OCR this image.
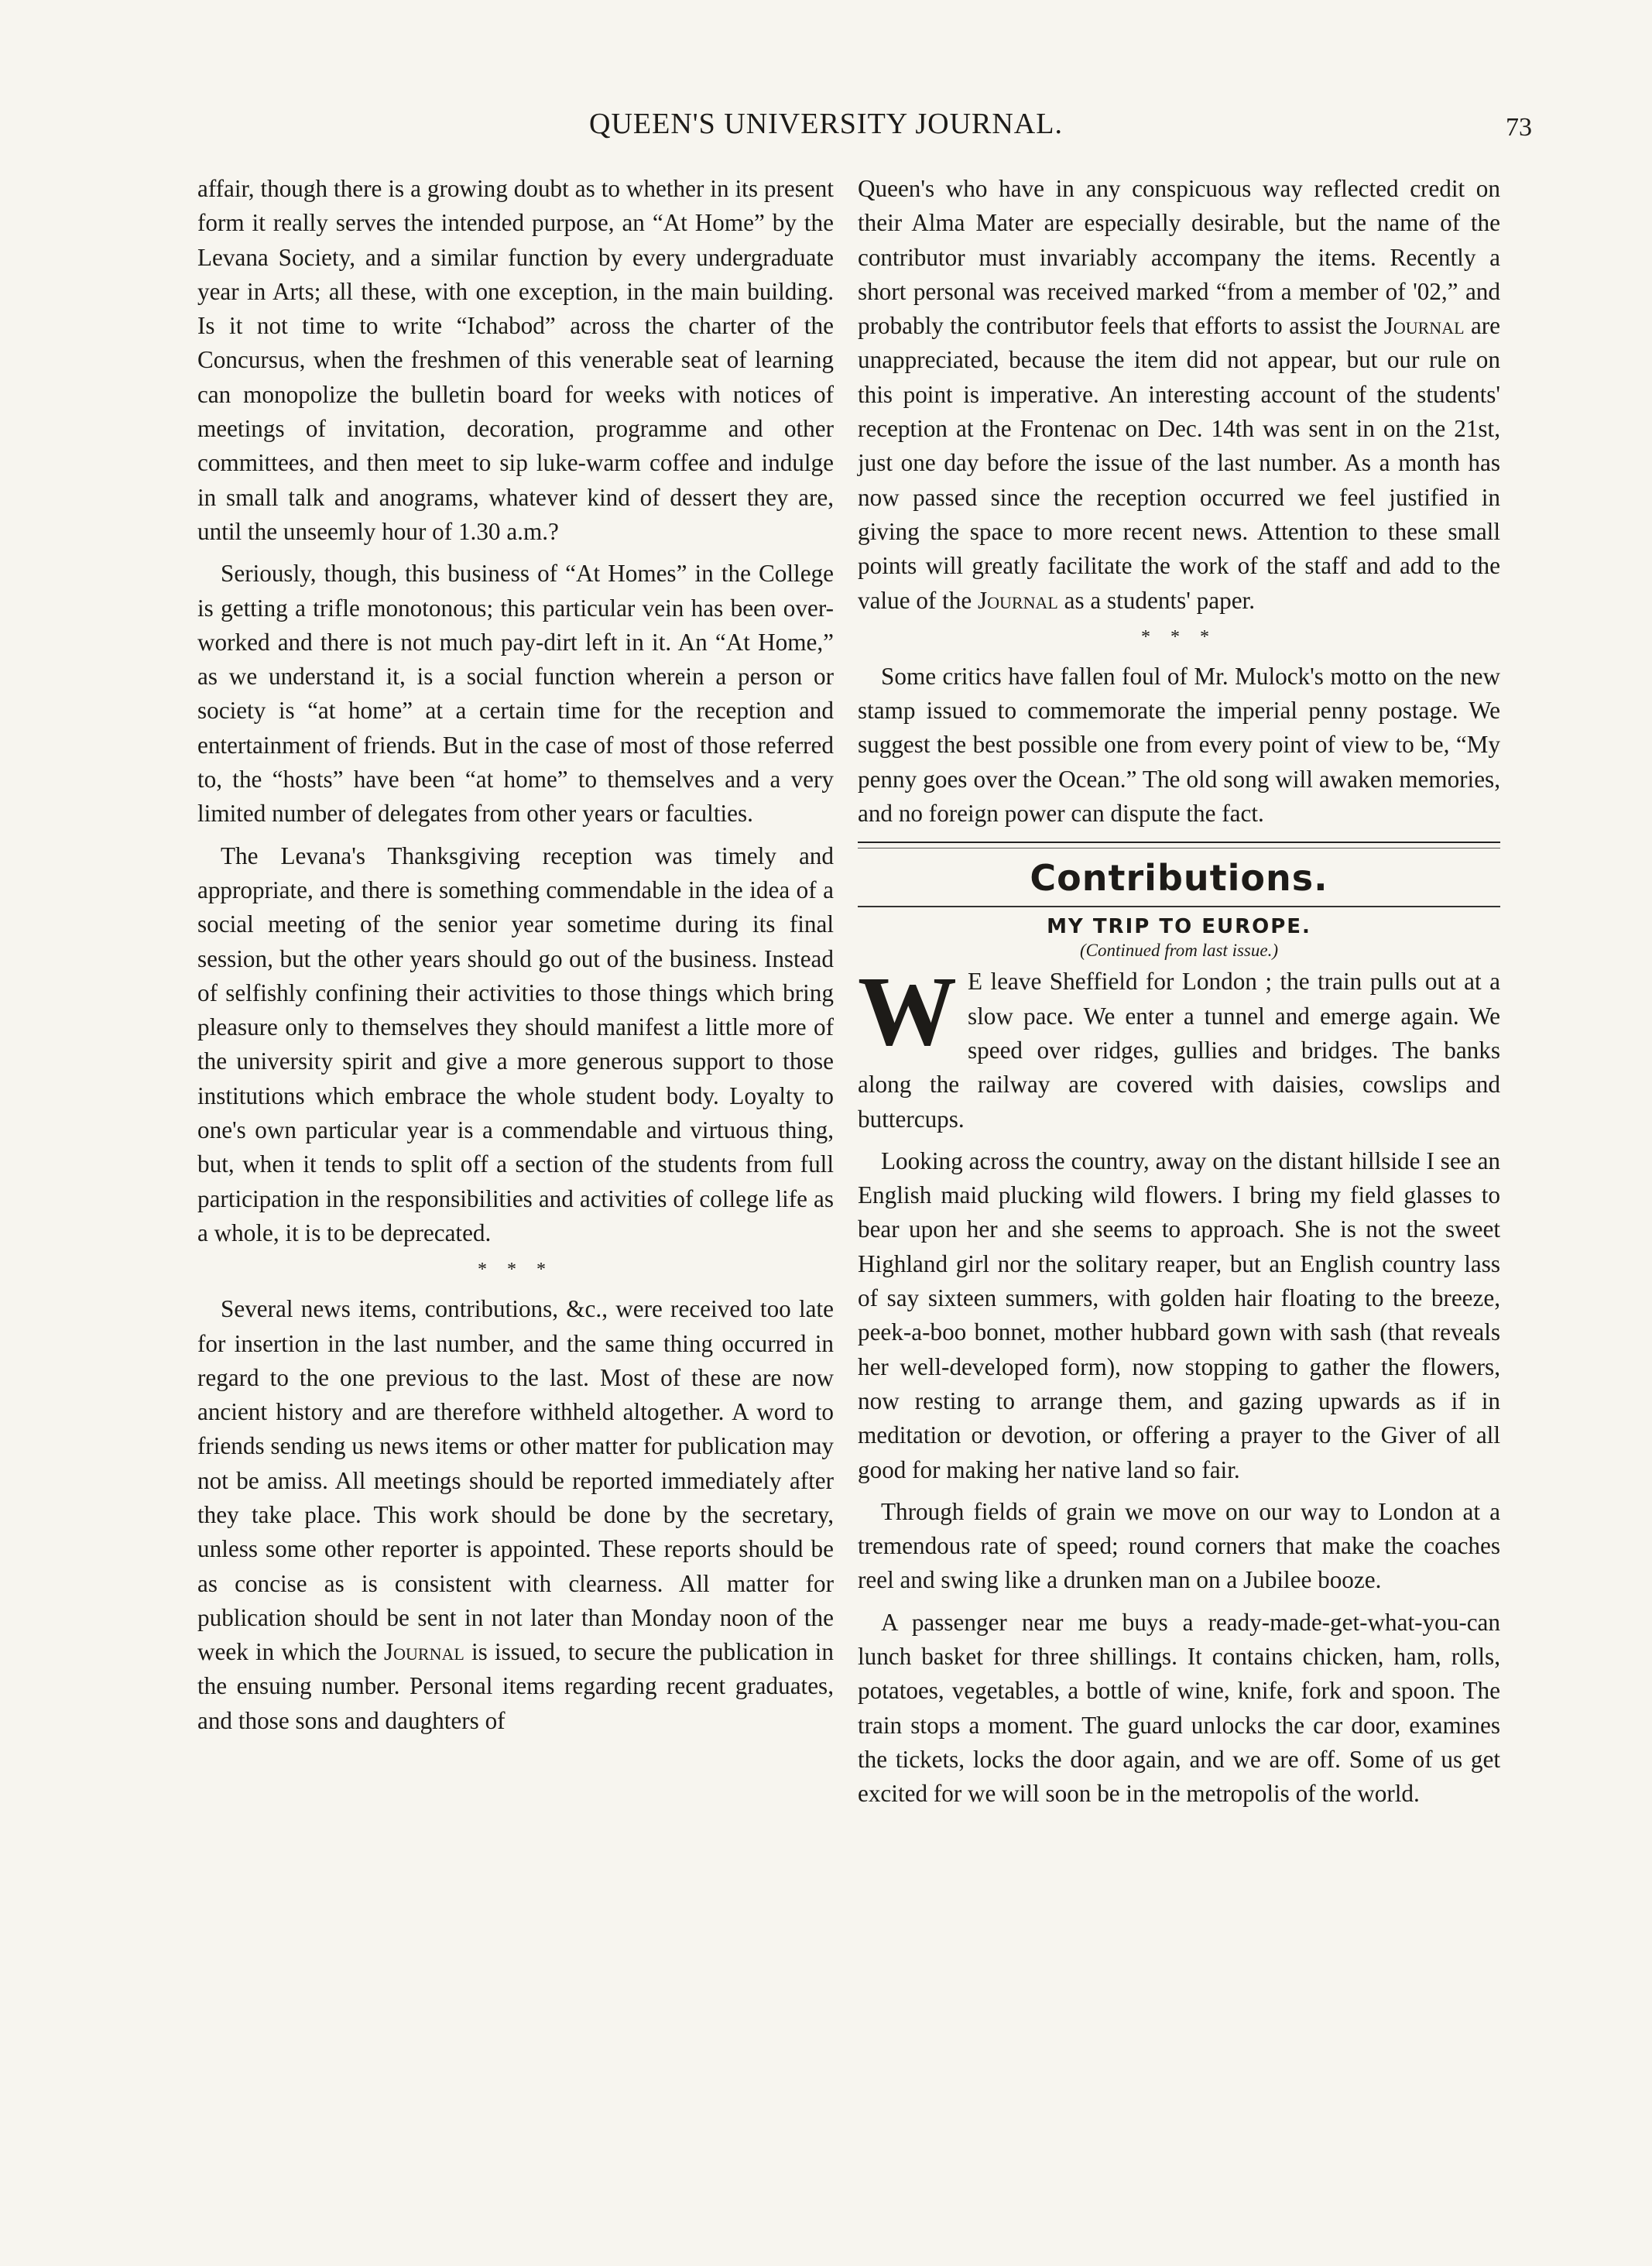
QUEEN'S UNIVERSITY JOURNAL.	73

affair, though there is a growing doubt as to whether in its present form it really serves the intended purpose, an “At Home” by the Levana Society, and a similar function by every undergraduate year in Arts; all these, with one exception, in the main building. Is it not time to write “Ichabod” across the charter of the Concursus, when the freshmen of this venerable seat of learning can monopolize the bulletin board for weeks with notices of meetings of invitation, decoration, programme and other committees, and then meet to sip luke-warm coffee and indulge in small talk and anograms, whatever kind of dessert they are, until the unseemly hour of 1.30 a.m.?

Seriously, though, this business of “At Homes” in the College is getting a trifle monotonous; this particular vein has been over-worked and there is not much pay-dirt left in it. An “At Home,” as we understand it, is a social function wherein a person or society is “at home” at a certain time for the reception and entertainment of friends. But in the case of most of those referred to, the “hosts” have been “at home” to themselves and a very limited number of delegates from other years or faculties.

The Levana's Thanksgiving reception was timely and appropriate, and there is something commendable in the idea of a social meeting of the senior year sometime during its final session, but the other years should go out of the business. Instead of selfishly confining their activities to those things which bring pleasure only to themselves they should manifest a little more of the university spirit and give a more generous support to those institutions which embrace the whole student body. Loyalty to one's own particular year is a commendable and virtuous thing, but, when it tends to split off a section of the students from full participation in the responsibilities and activities of college life as a whole, it is to be deprecated.

* * *

Several news items, contributions, &c., were received too late for insertion in the last number, and the same thing occurred in regard to the one previous to the last. Most of these are now ancient history and are therefore withheld altogether. A word to friends sending us news items or other matter for publication may not be amiss. All meetings should be reported immediately after they take place. This work should be done by the secretary, unless some other reporter is appointed. These reports should be as concise as is consistent with clearness. All matter for publication should be sent in not later than Monday noon of the week in which the Journal is issued, to secure the publication in the ensuing number. Personal items regarding recent graduates, and those sons and daughters of

Queen's who have in any conspicuous way reflected credit on their Alma Mater are especially desirable, but the name of the contributor must invariably accompany the items. Recently a short personal was received marked “from a member of '02,” and probably the contributor feels that efforts to assist the Journal are unappreciated, because the item did not appear, but our rule on this point is imperative. An interesting account of the students' reception at the Frontenac on Dec. 14th was sent in on the 21st, just one day before the issue of the last number. As a month has now passed since the reception occurred we feel justified in giving the space to more recent news. Attention to these small points will greatly facilitate the work of the staff and add to the value of the Journal as a students' paper.

* * *

Some critics have fallen foul of Mr. Mulock's motto on the new stamp issued to commemorate the imperial penny postage. We suggest the best possible one from every point of view to be, “My penny goes over the Ocean.” The old song will awaken memories, and no foreign power can dispute the fact.

Contributions.
MY TRIP TO EUROPE.
(Continued from last issue.)

W E leave Sheffield for London ; the train pulls out at a slow pace. We enter a tunnel and emerge again. We speed over ridges, gullies and bridges. The banks along the railway are covered with daisies, cowslips and buttercups.

Looking across the country, away on the distant hillside I see an English maid plucking wild flowers. I bring my field glasses to bear upon her and she seems to approach. She is not the sweet Highland girl nor the solitary reaper, but an English country lass of say sixteen summers, with golden hair floating to the breeze, peek-a-boo bonnet, mother hubbard gown with sash (that reveals her well-developed form), now stopping to gather the flowers, now resting to arrange them, and gazing upwards as if in meditation or devotion, or offering a prayer to the Giver of all good for making her native land so fair.

Through fields of grain we move on our way to London at a tremendous rate of speed; round corners that make the coaches reel and swing like a drunken man on a Jubilee booze.

A passenger near me buys a ready-made-get-what-you-can lunch basket for three shillings. It contains chicken, ham, rolls, potatoes, vegetables, a bottle of wine, knife, fork and spoon. The train stops a moment. The guard unlocks the car door, examines the tickets, locks the door again, and we are off. Some of us get excited for we will soon be in the metropolis of the world.
